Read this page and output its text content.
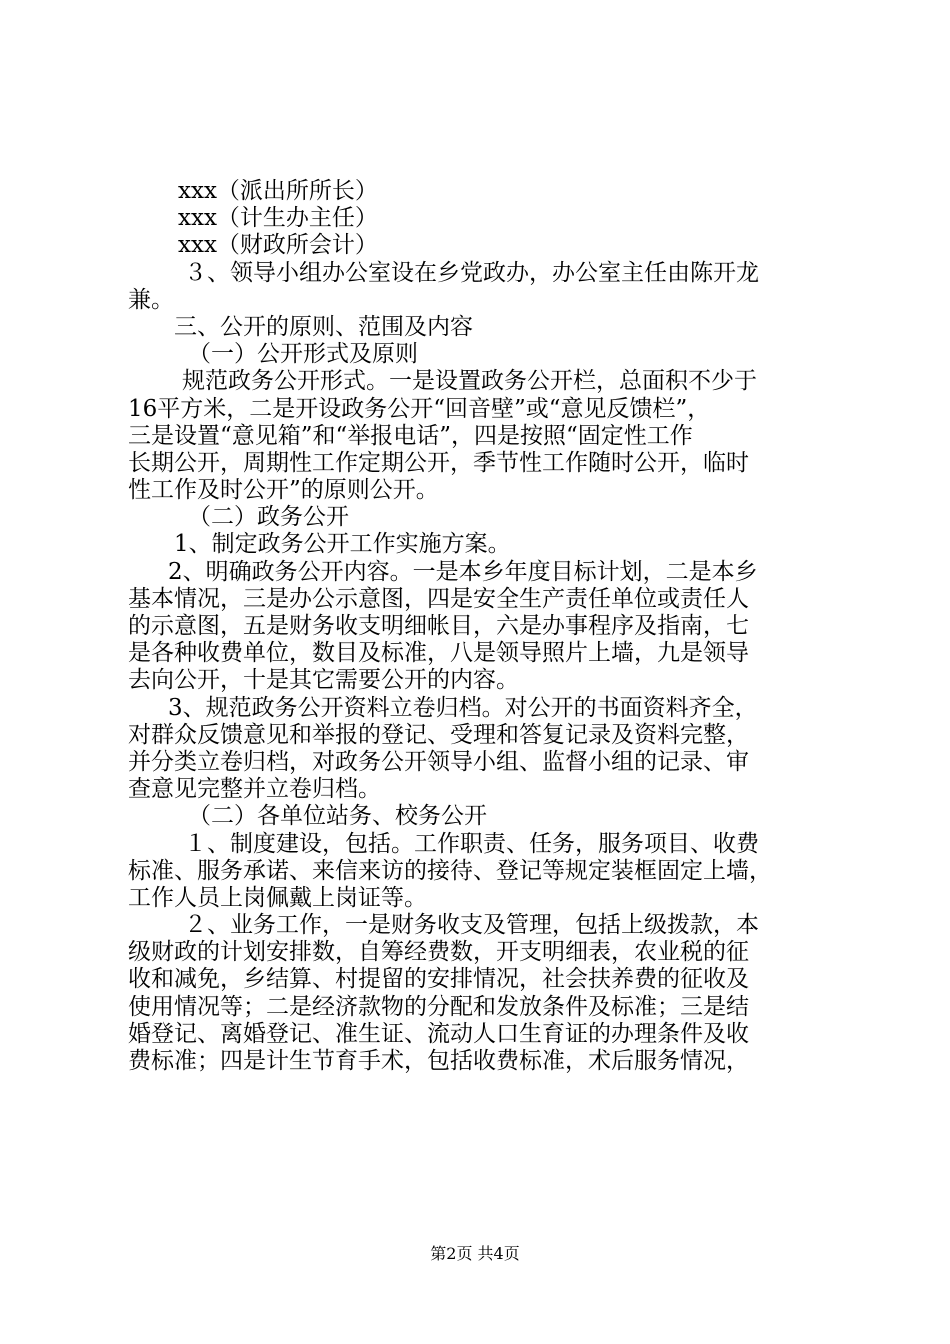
xxx（派出所所长）
xxx（计生办主任）
xxx（财政所会计）
３、领导小组办公室设在乡党政办，办公室主任由陈开龙
兼。
三、公开的原则、范围及内容
（一）公开形式及原则
规范政务公开形式。一是设置政务公开栏，总面积不少于
16平方米，二是开设政务公开“回音壁”或“意见反馈栏”，
三是设置“意见箱”和“举报电话”，四是按照“固定性工作
长期公开，周期性工作定期公开，季节性工作随时公开，临时
性工作及时公开”的原则公开。
（二）政务公开
1、制定政务公开工作实施方案。
2、明确政务公开内容。一是本乡年度目标计划，二是本乡
基本情况，三是办公示意图，四是安全生产责任单位或责任人
的示意图，五是财务收支明细帐目，六是办事程序及指南，七
是各种收费单位，数目及标准，八是领导照片上墙，九是领导
去向公开，十是其它需要公开的内容。
3、规范政务公开资料立卷归档。对公开的书面资料齐全，
对群众反馈意见和举报的登记、受理和答复记录及资料完整，
并分类立卷归档，对政务公开领导小组、监督小组的记录、审
查意见完整并立卷归档。
（二）各单位站务、校务公开
１、制度建设，包括。工作职责、任务，服务项目、收费
标准、服务承诺、来信来访的接待、登记等规定装框固定上墙，
工作人员上岗佩戴上岗证等。
２、业务工作，一是财务收支及管理，包括上级拨款，本
级财政的计划安排数，自筹经费数，开支明细表，农业税的征
收和减免，乡结算、村提留的安排情况，社会扶养费的征收及
使用情况等；二是经济款物的分配和发放条件及标准；三是结
婚登记、离婚登记、准生证、流动人口生育证的办理条件及收
费标准；四是计生节育手术，包括收费标准，术后服务情况，
第2页 共4页
